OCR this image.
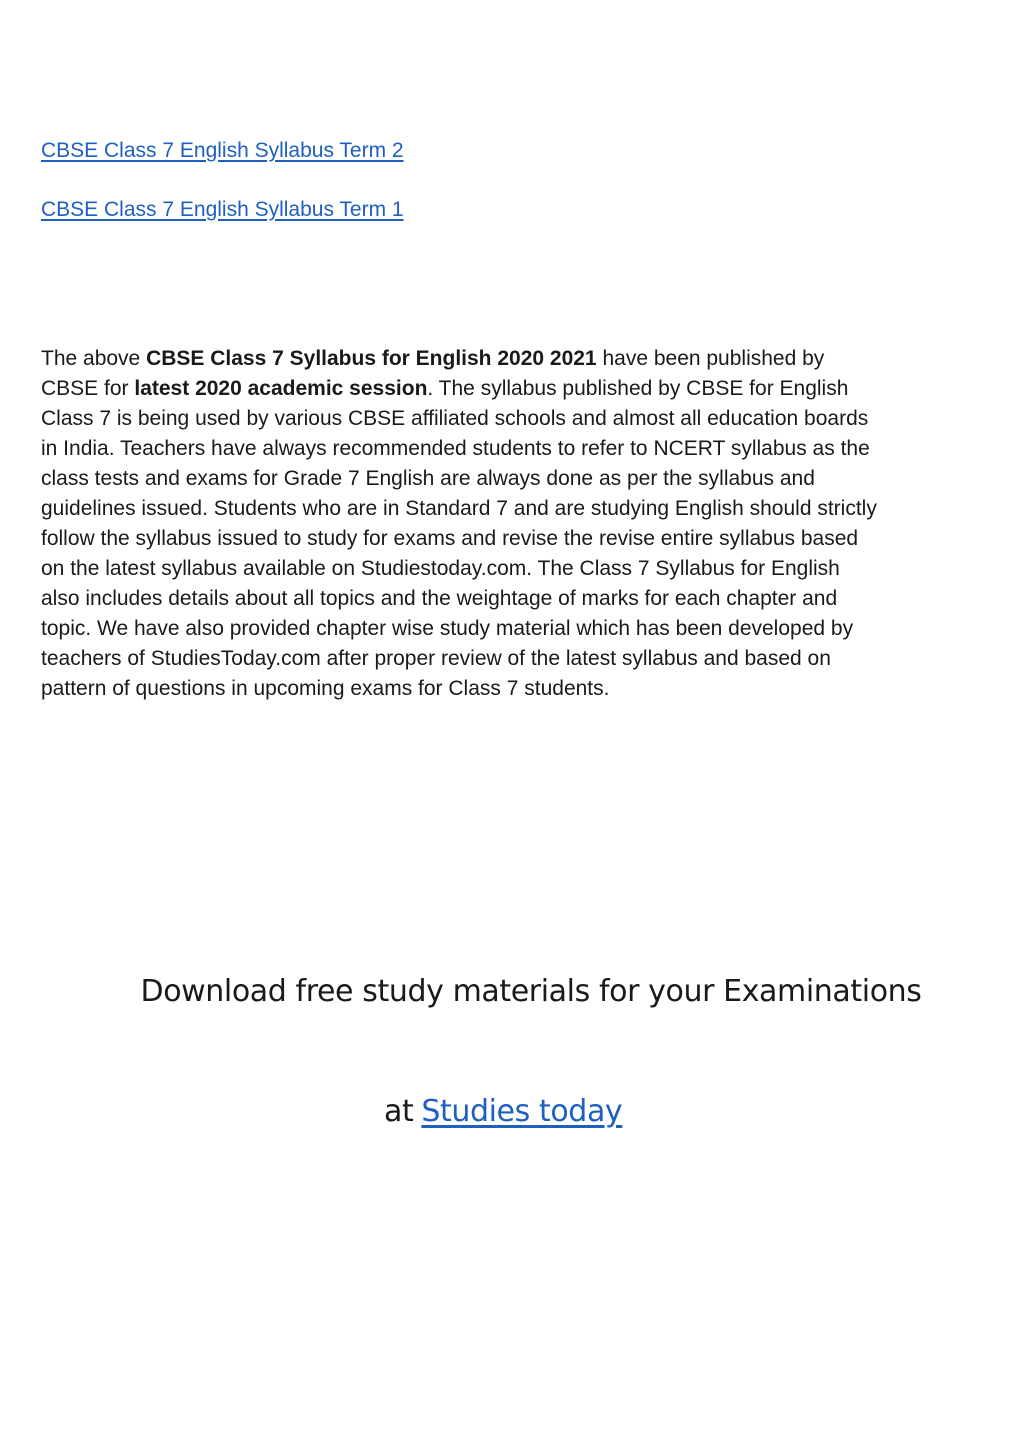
CBSE Class 7 English Syllabus Term 2
CBSE Class 7 English Syllabus Term 1
The above CBSE Class 7 Syllabus for English 2020 2021 have been published by
CBSE for latest 2020 academic session. The syllabus published by CBSE for English
Class 7 is being used by various CBSE affiliated schools and almost all education boards
in India. Teachers have always recommended students to refer to NCERT syllabus as the
class tests and exams for Grade 7 English are always done as per the syllabus and
guidelines issued. Students who are in Standard 7 and are studying English should strictly
follow the syllabus issued to study for exams and revise the revise entire syllabus based
on the latest syllabus available on Studiestoday.com. The Class 7 Syllabus for English
also includes details about all topics and the weightage of marks for each chapter and
topic. We have also provided chapter wise study material which has been developed by
teachers of StudiesToday.com after proper review of the latest syllabus and based on
pattern of questions in upcoming exams for Class 7 students.
Download free study materials for your Examinations
at Studies today
